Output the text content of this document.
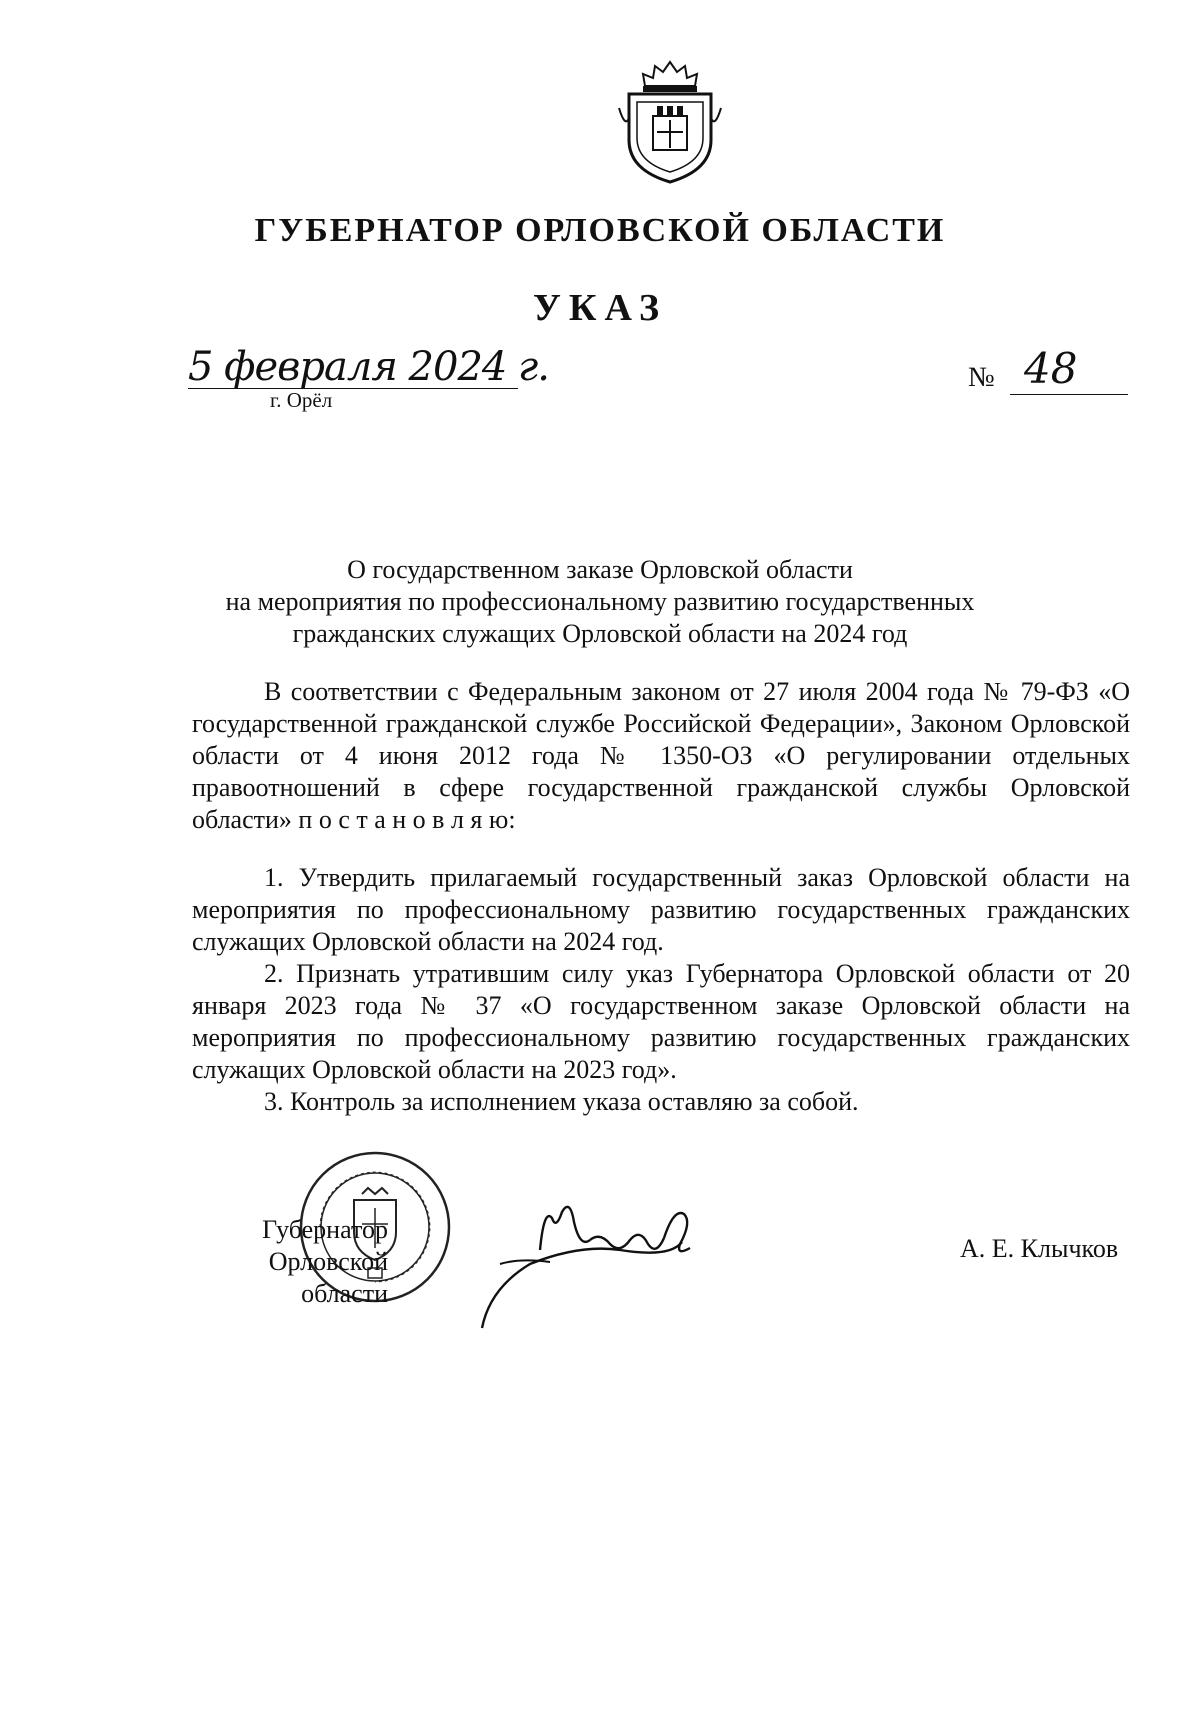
ГУБЕРНАТОР ОРЛОВСКОЙ ОБЛАСТИ
УКАЗ
5 февраля 2024 г.
г. Орёл
№ 48
О государственном заказе Орловской области
на мероприятия по профессиональному развитию государственных
гражданских служащих Орловской области на 2024 год
В соответствии с Федеральным законом от 27 июля 2004 года № 79-ФЗ «О государственной гражданской службе Российской Федерации», Законом Орловской области от 4 июня 2012 года № 1350-ОЗ «О регулировании отдельных правоотношений в сфере государственной гражданской службы Орловской области» п о с т а н о в л я ю:

1. Утвердить прилагаемый государственный заказ Орловской области на мероприятия по профессиональному развитию государственных гражданских служащих Орловской области на 2024 год.

2. Признать утратившим силу указ Губернатора Орловской области от 20 января 2023 года № 37 «О государственном заказе Орловской области на мероприятия по профессиональному развитию государственных гражданских служащих Орловской области на 2023 год».

3. Контроль за исполнением указа оставляю за собой.

Губернатор
Орловской области
А. Е. Клычков
